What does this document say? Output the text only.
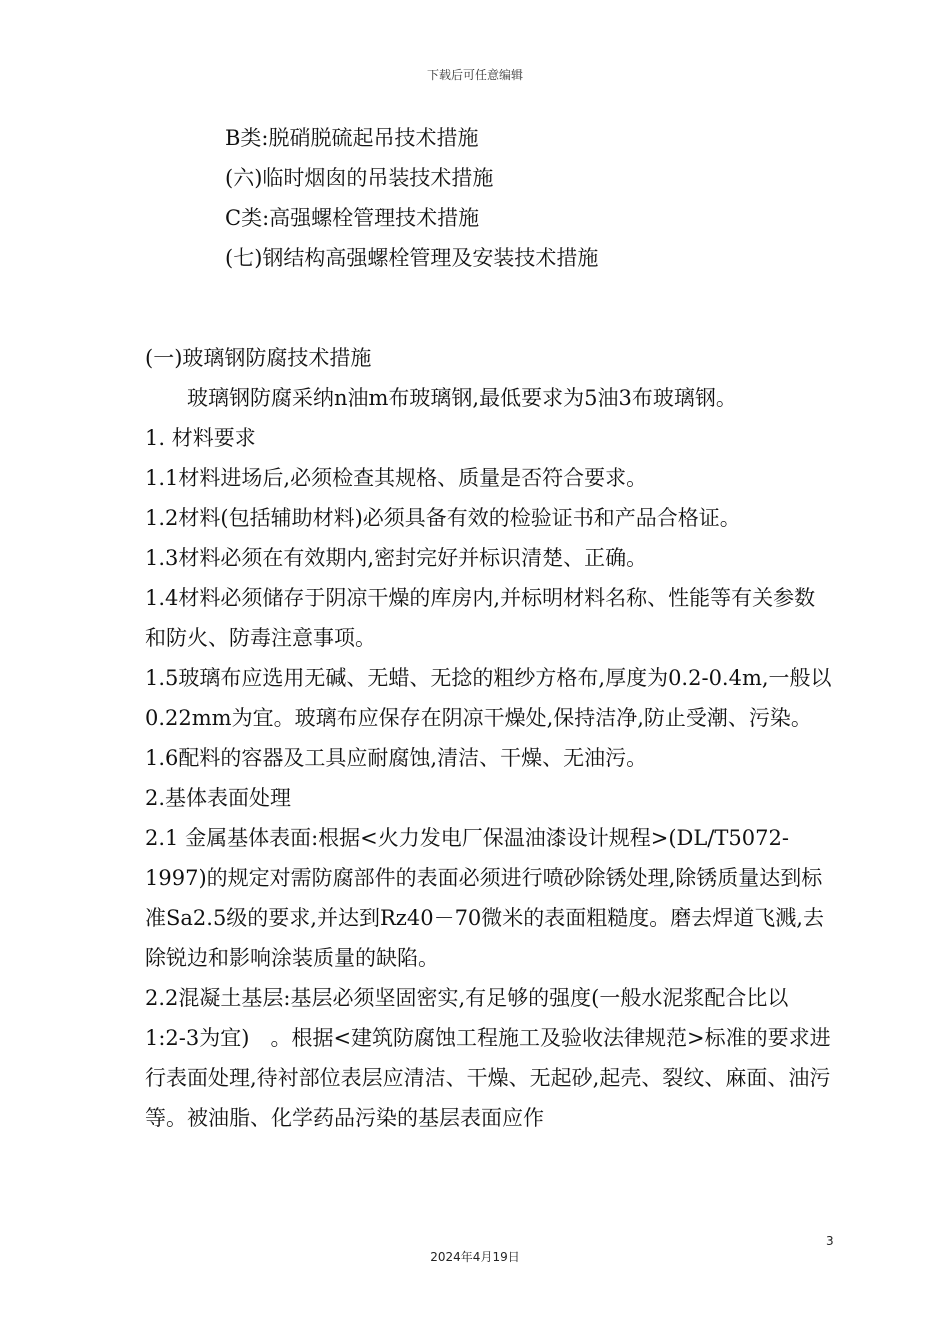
下载后可任意编辑

B类:脱硝脱硫起吊技术措施

(六)临时烟囱的吊装技术措施

C类:高强螺栓管理技术措施

(七)钢结构高强螺栓管理及安装技术措施

(一)玻璃钢防腐技术措施

玻璃钢防腐采纳n油m布玻璃钢,最低要求为5油3布玻璃钢。

1. 材料要求

1.1材料进场后,必须检查其规格、质量是否符合要求。

1.2材料(包括辅助材料)必须具备有效的检验证书和产品合格证。

1.3材料必须在有效期内,密封完好并标识清楚、正确。

1.4材料必须储存于阴凉干燥的库房内,并标明材料名称、性能等有关参数和防火、防毒注意事项。

1.5玻璃布应选用无碱、无蜡、无捻的粗纱方格布,厚度为0.2-0.4m,一般以0.22mm为宜。玻璃布应保存在阴凉干燥处,保持洁净,防止受潮、污染。

1.6配料的容器及工具应耐腐蚀,清洁、干燥、无油污。

2.基体表面处理

2.1 金属基体表面:根据<火力发电厂保温油漆设计规程>(DL/T5072-1997)的规定对需防腐部件的表面必须进行喷砂除锈处理,除锈质量达到标准Sa2.5级的要求,并达到Rz40－70微米的表面粗糙度。磨去焊道飞溅,去除锐边和影响涂装质量的缺陷。

2.2混凝土基层:基层必须坚固密实,有足够的强度(一般水泥浆配合比以　1:2-3为宜)　。根据<建筑防腐蚀工程施工及验收法律规范>标准的要求进行表面处理,待衬部位表层应清洁、干燥、无起砂,起壳、裂纹、麻面、油污等。被油脂、化学药品污染的基层表面应作

3
2024年4月19日
